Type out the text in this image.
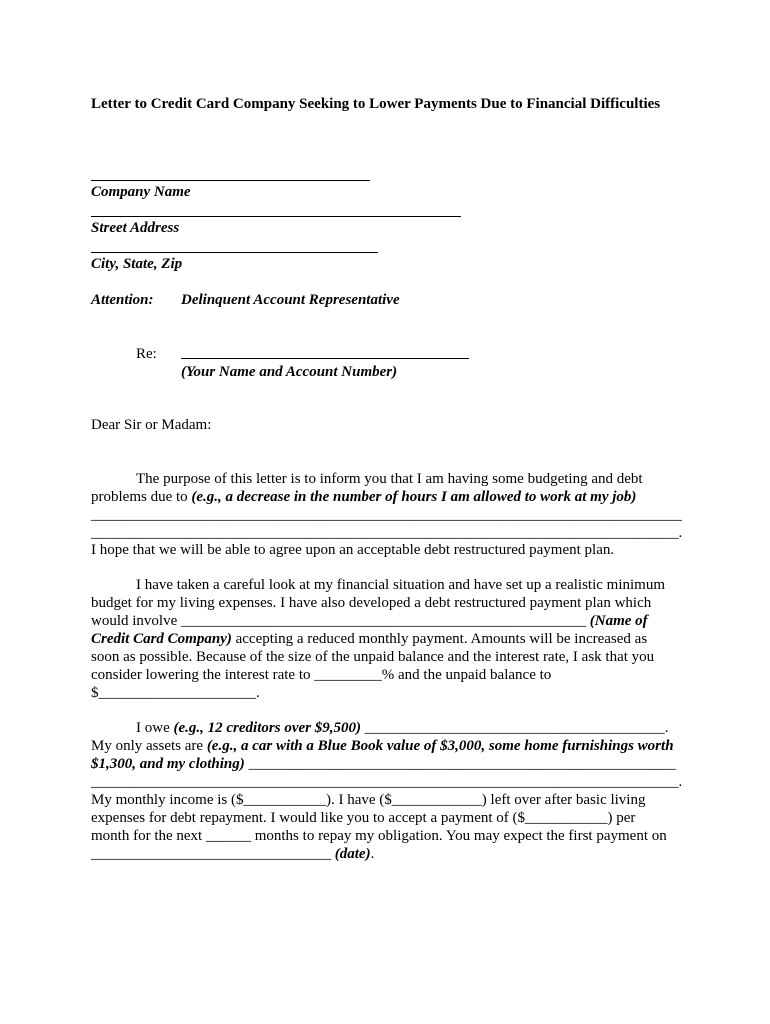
Letter to Credit Card Company Seeking to Lower Payments Due to Financial Difficulties
Company Name
Street Address
City, State, Zip
Attention: Delinquent Account Representative
Re:
(Your Name and Account Number)
Dear Sir or Madam:
The purpose of this letter is to inform you that I am having some budgeting and debt
problems due to (e.g., a decrease in the number of hours I am allowed to work at my job)
________________________________________________________________________________
_______________________________________________________________________________.
I hope that we will be able to agree upon an acceptable debt restructured payment plan.
I have taken a careful look at my financial situation and have set up a realistic minimum
budget for my living expenses. I have also developed a debt restructured payment plan which
would involve ______________________________________________________ (Name of
Credit Card Company) accepting a reduced monthly payment. Amounts will be increased as
soon as possible. Because of the size of the unpaid balance and the interest rate, I ask that you
consider lowering the interest rate to _________% and the unpaid balance to
$_____________________.
I owe (e.g., 12 creditors over $9,500) ________________________________________.
My only assets are (e.g., a car with a Blue Book value of $3,000, some home furnishings worth
$1,300, and my clothing) _________________________________________________________
_______________________________________________________________________________.
My monthly income is ($___________). I have ($____________) left over after basic living
expenses for debt repayment. I would like you to accept a payment of ($___________) per
month for the next ______ months to repay my obligation. You may expect the first payment on
________________________________ (date).
